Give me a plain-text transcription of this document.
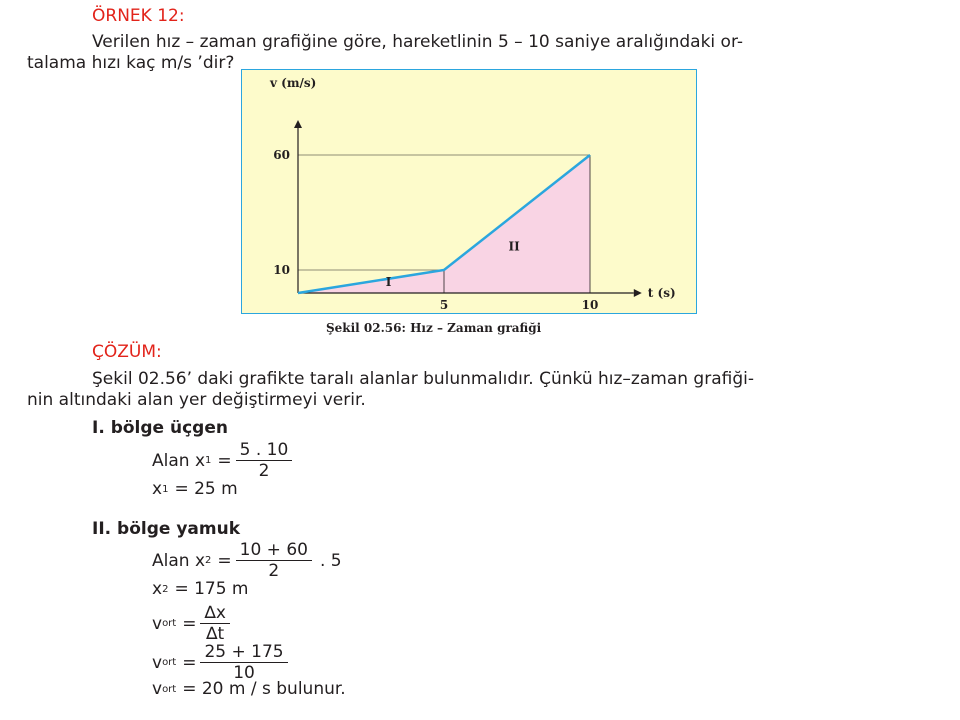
ÖRNEK 12:
Verilen hız – zaman grafiğine göre, hareketlinin 5 – 10 saniye aralığındaki or-
talama hızı kaç m/s ’dir?
5	10
10
60
v (m/s)
t (s)
I
II
Şekil 02.56: Hız – Zaman grafiği
ÇÖZÜM:
Şekil 02.56’ daki grafikte taralı alanlar bulunmalıdır. Çünkü hız–zaman grafiği-
nin altındaki alan yer değiştirmeyi verir.
I. bölge üçgen
Alan x $1 = \frac{5 . 10}{2}$
x 1 = 25 m
II. bölge yamuk
Alan x $2 = \frac{10 + 60}{2}$ . 5
x 2 = 175 m
v ort = $\frac{\Delta x}{\Delta t}$
v ort = $\frac{25 + 175}{10}$
v ort = 20 m / s bulunur.
